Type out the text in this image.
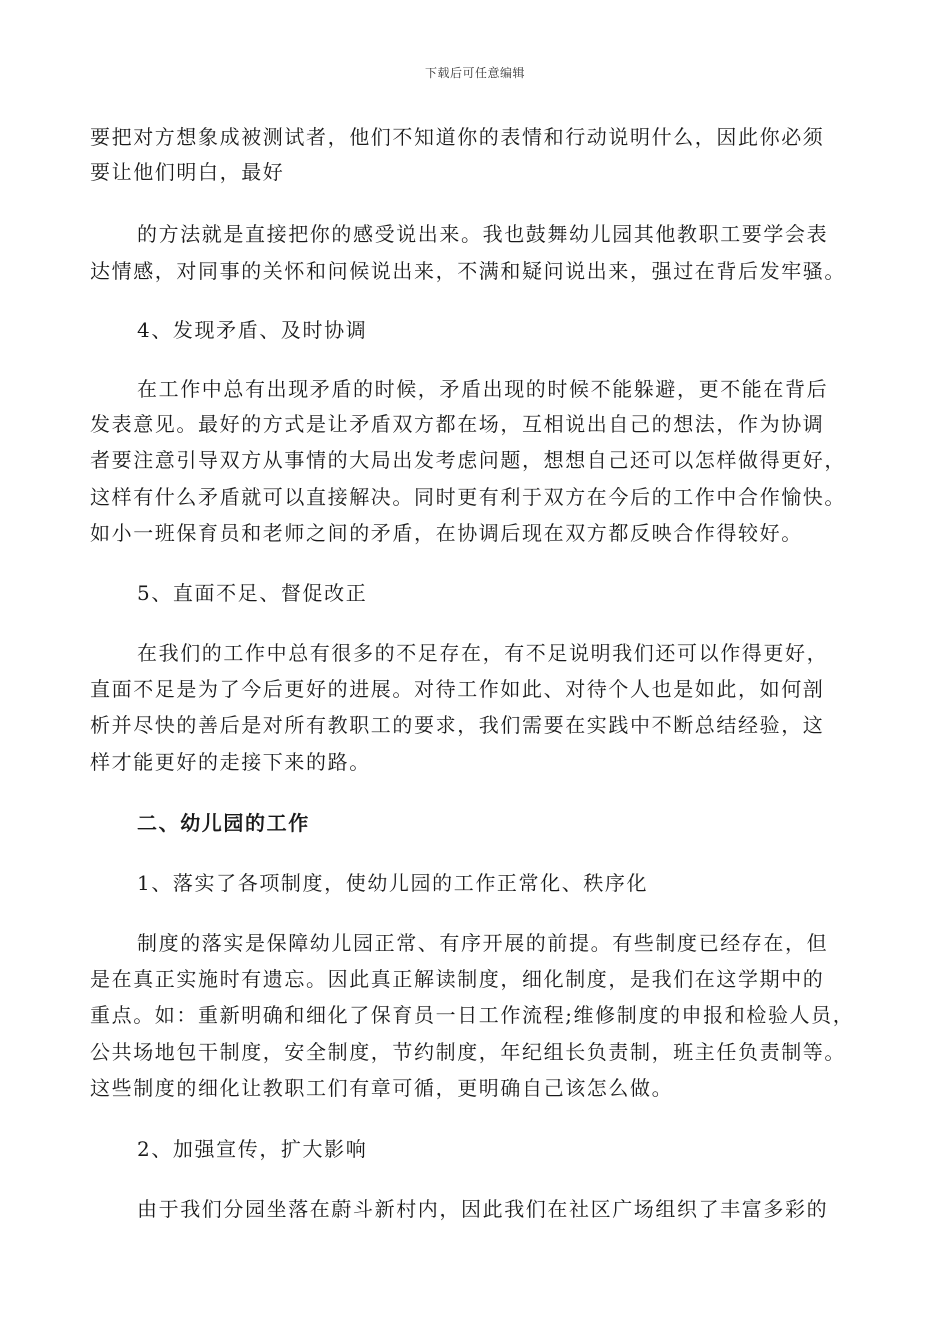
下载后可任意编辑
要把对方想象成被测试者，他们不知道你的表情和行动说明什么，因此你必须
要让他们明白，最好
的方法就是直接把你的感受说出来。我也鼓舞幼儿园其他教职工要学会表
达情感，对同事的关怀和问候说出来，不满和疑问说出来，强过在背后发牢骚。
4、发现矛盾、及时协调
在工作中总有出现矛盾的时候，矛盾出现的时候不能躲避，更不能在背后
发表意见。最好的方式是让矛盾双方都在场，互相说出自己的想法，作为协调
者要注意引导双方从事情的大局出发考虑问题，想想自己还可以怎样做得更好，
这样有什么矛盾就可以直接解决。同时更有利于双方在今后的工作中合作愉快。
如小一班保育员和老师之间的矛盾，在协调后现在双方都反映合作得较好。
5、直面不足、督促改正
在我们的工作中总有很多的不足存在，有不足说明我们还可以作得更好，
直面不足是为了今后更好的进展。对待工作如此、对待个人也是如此，如何剖
析并尽快的善后是对所有教职工的要求，我们需要在实践中不断总结经验，这
样才能更好的走接下来的路。
二、幼儿园的工作
1、落实了各项制度，使幼儿园的工作正常化、秩序化
制度的落实是保障幼儿园正常、有序开展的前提。有些制度已经存在，但
是在真正实施时有遗忘。因此真正解读制度，细化制度，是我们在这学期中的
重点。如：重新明确和细化了保育员一日工作流程;维修制度的申报和检验人员，
公共场地包干制度，安全制度，节约制度，年纪组长负责制，班主任负责制等。
这些制度的细化让教职工们有章可循，更明确自己该怎么做。
2、加强宣传，扩大影响
由于我们分园坐落在蔚斗新村内，因此我们在社区广场组织了丰富多彩的
